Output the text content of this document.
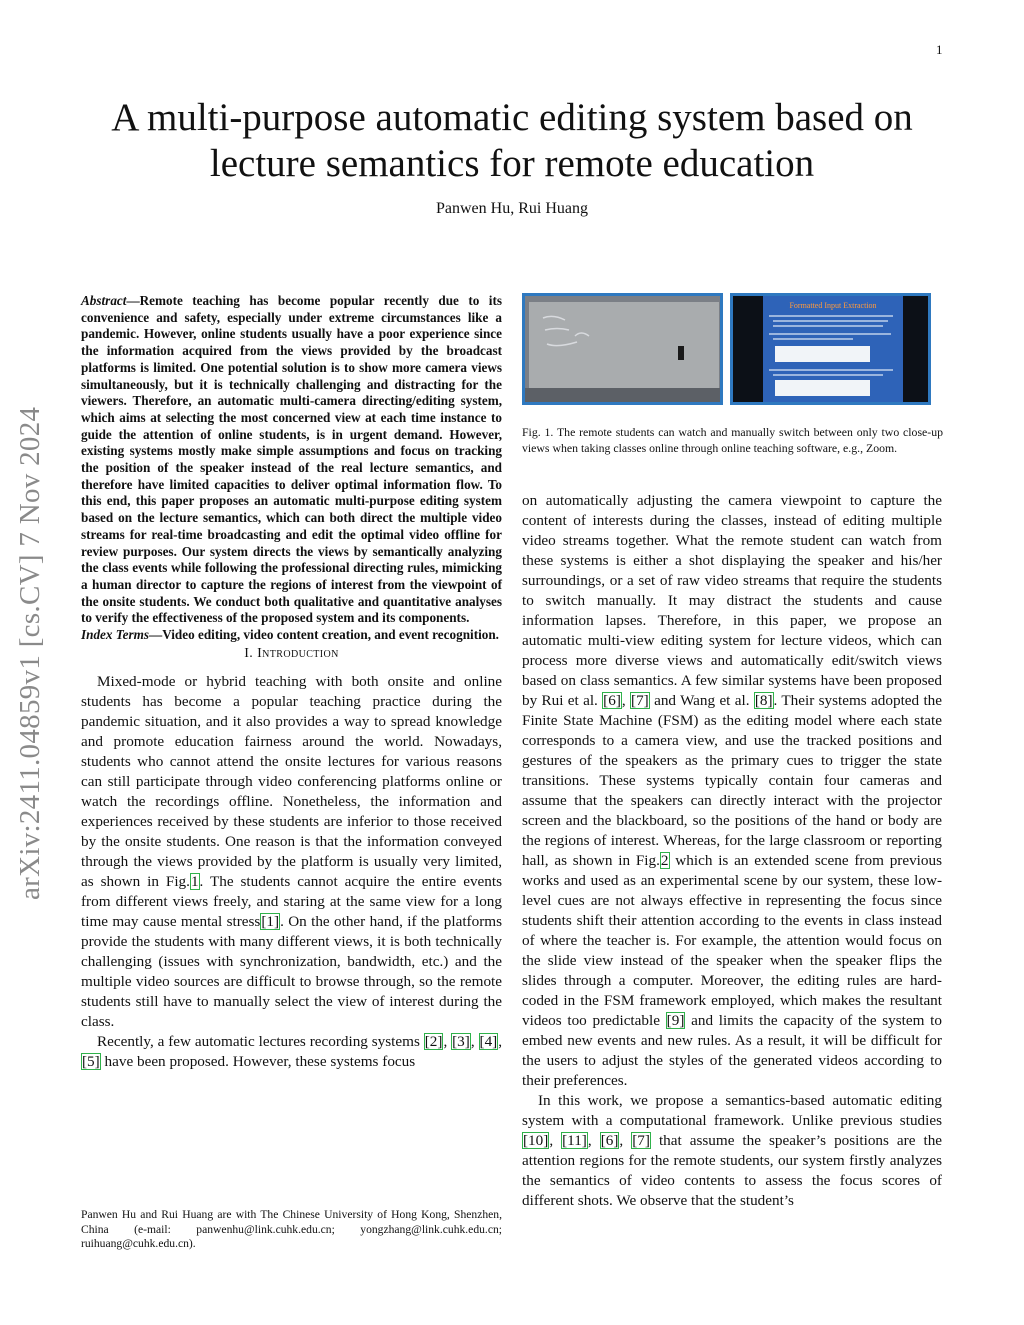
1
arXiv:2411.04859v1 [cs.CV] 7 Nov 2024
A multi-purpose automatic editing system based on lecture semantics for remote education
Panwen Hu, Rui Huang

Abstract—Remote teaching has become popular recently due to its convenience and safety, especially under extreme circumstances like a pandemic. However, online students usually have a poor experience since the information acquired from the views provided by the broadcast platforms is limited. One potential solution is to show more camera views simultaneously, but it is technically challenging and distracting for the viewers. Therefore, an automatic multi-camera directing/editing system, which aims at selecting the most concerned view at each time instance to guide the attention of online students, is in urgent demand. However, existing systems mostly make simple assumptions and focus on tracking the position of the speaker instead of the real lecture semantics, and therefore have limited capacities to deliver optimal information flow. To this end, this paper proposes an automatic multi-purpose editing system based on the lecture semantics, which can both direct the multiple video streams for real-time broadcasting and edit the optimal video offline for review purposes. Our system directs the views by semantically analyzing the class events while following the professional directing rules, mimicking a human director to capture the regions of interest from the viewpoint of the onsite students. We conduct both qualitative and quantitative analyses to verify the effectiveness of the proposed system and its components.

Index Terms—Video editing, video content creation, and event recognition.

I. Introduction

Mixed-mode or hybrid teaching with both onsite and online students has become a popular teaching practice during the pandemic situation, and it also provides a way to spread knowledge and promote education fairness around the world. Nowadays, students who cannot attend the onsite lectures for various reasons can still participate through video conferencing platforms online or watch the recordings offline. Nonetheless, the information and experiences received by these students are inferior to those received by the onsite students. One reason is that the information conveyed through the views provided by the platform is usually very limited, as shown in Fig.1. The students cannot acquire the entire events from different views freely, and staring at the same view for a long time may cause mental stress[1]. On the other hand, if the platforms provide the students with many different views, it is both technically challenging (issues with synchronization, bandwidth, etc.) and the multiple video sources are difficult to browse through, so the remote students still have to manually select the view of interest during the class.

Recently, a few automatic lectures recording systems [2], [3], [4], [5] have been proposed. However, these systems focus

Panwen Hu and Rui Huang are with The Chinese University of Hong Kong, Shenzhen, China (e-mail: panwenhu@link.cuhk.edu.cn; yongzhang@link.cuhk.edu.cn; ruihuang@cuhk.edu.cn).
Formatted Input Extraction
Fig. 1. The remote students can watch and manually switch between only two close-up views when taking classes online through online teaching software, e.g., Zoom.

on automatically adjusting the camera viewpoint to capture the content of interests during the classes, instead of editing multiple video streams together. What the remote student can watch from these systems is either a shot displaying the speaker and his/her surroundings, or a set of raw video streams that require the students to switch manually. It may distract the students and cause information lapses. Therefore, in this paper, we propose an automatic multi-view editing system for lecture videos, which can process more diverse views and automatically edit/switch views based on class semantics. A few similar systems have been proposed by Rui et al. [6], [7] and Wang et al. [8]. Their systems adopted the Finite State Machine (FSM) as the editing model where each state corresponds to a camera view, and use the tracked positions and gestures of the speakers as the primary cues to trigger the state transitions. These systems typically contain four cameras and assume that the speakers can directly interact with the projector screen and the blackboard, so the positions of the hand or body are the regions of interest. Whereas, for the large classroom or reporting hall, as shown in Fig.2 which is an extended scene from previous works and used as an experimental scene by our system, these low-level cues are not always effective in representing the focus since students shift their attention according to the events in class instead of where the teacher is. For example, the attention would focus on the slide view instead of the speaker when the speaker flips the slides through a computer. Moreover, the editing rules are hard-coded in the FSM framework employed, which makes the resultant videos too predictable [9] and limits the capacity of the system to embed new events and new rules. As a result, it will be difficult for the users to adjust the styles of the generated videos according to their preferences.

In this work, we propose a semantics-based automatic editing system with a computational framework. Unlike previous studies [10], [11], [6], [7] that assume the speaker’s positions are the attention regions for the remote students, our system firstly analyzes the semantics of video contents to assess the focus scores of different shots. We observe that the student’s
